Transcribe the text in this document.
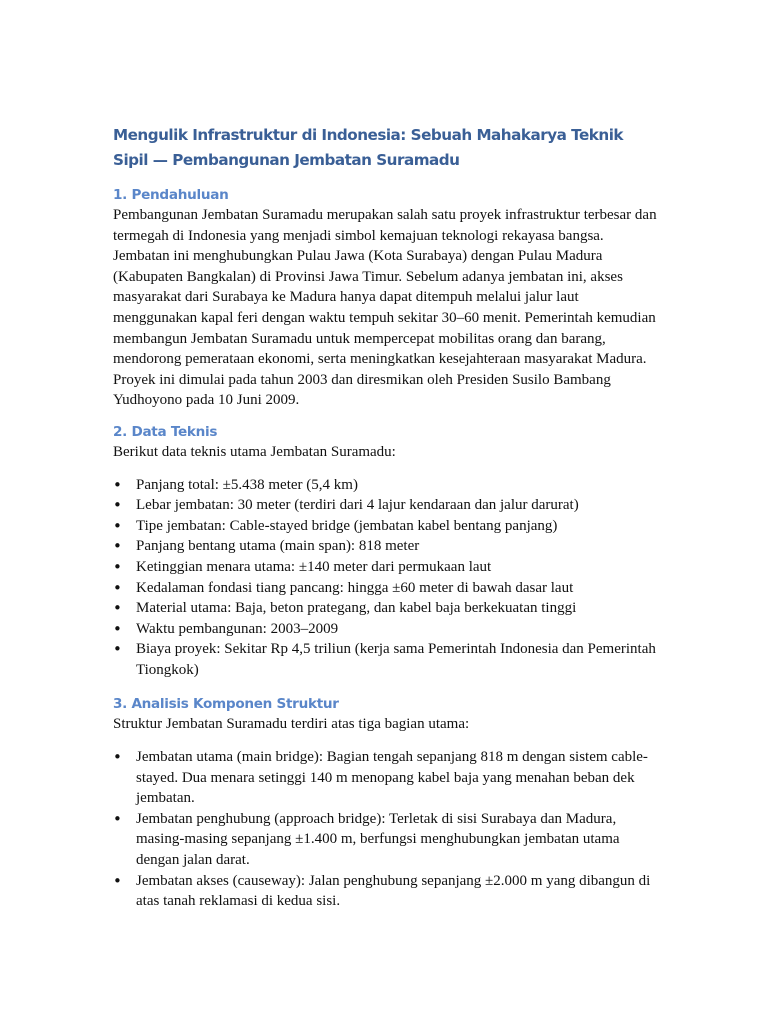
Mengulik Infrastruktur di Indonesia: Sebuah Mahakarya Teknik Sipil — Pembangunan Jembatan Suramadu
1. Pendahuluan

Pembangunan Jembatan Suramadu merupakan salah satu proyek infrastruktur terbesar dan termegah di Indonesia yang menjadi simbol kemajuan teknologi rekayasa bangsa. Jembatan ini menghubungkan Pulau Jawa (Kota Surabaya) dengan Pulau Madura (Kabupaten Bangkalan) di Provinsi Jawa Timur. Sebelum adanya jembatan ini, akses masyarakat dari Surabaya ke Madura hanya dapat ditempuh melalui jalur laut menggunakan kapal feri dengan waktu tempuh sekitar 30–60 menit. Pemerintah kemudian membangun Jembatan Suramadu untuk mempercepat mobilitas orang dan barang, mendorong pemerataan ekonomi, serta meningkatkan kesejahteraan masyarakat Madura. Proyek ini dimulai pada tahun 2003 dan diresmikan oleh Presiden Susilo Bambang Yudhoyono pada 10 Juni 2009.

2. Data Teknis

Berikut data teknis utama Jembatan Suramadu:

• Panjang total: ±5.438 meter (5,4 km)
• Lebar jembatan: 30 meter (terdiri dari 4 lajur kendaraan dan jalur darurat)
• Tipe jembatan: Cable-stayed bridge (jembatan kabel bentang panjang)
• Panjang bentang utama (main span): 818 meter
• Ketinggian menara utama: ±140 meter dari permukaan laut
• Kedalaman fondasi tiang pancang: hingga ±60 meter di bawah dasar laut
• Material utama: Baja, beton prategang, dan kabel baja berkekuatan tinggi
• Waktu pembangunan: 2003–2009
• Biaya proyek: Sekitar Rp 4,5 triliun (kerja sama Pemerintah Indonesia dan Pemerintah Tiongkok)
3. Analisis Komponen Struktur

Struktur Jembatan Suramadu terdiri atas tiga bagian utama:

• Jembatan utama (main bridge): Bagian tengah sepanjang 818 m dengan sistem cable-stayed. Dua menara setinggi 140 m menopang kabel baja yang menahan beban dek jembatan.
• Jembatan penghubung (approach bridge): Terletak di sisi Surabaya dan Madura, masing-masing sepanjang ±1.400 m, berfungsi menghubungkan jembatan utama dengan jalan darat.
• Jembatan akses (causeway): Jalan penghubung sepanjang ±2.000 m yang dibangun di atas tanah reklamasi di kedua sisi.
